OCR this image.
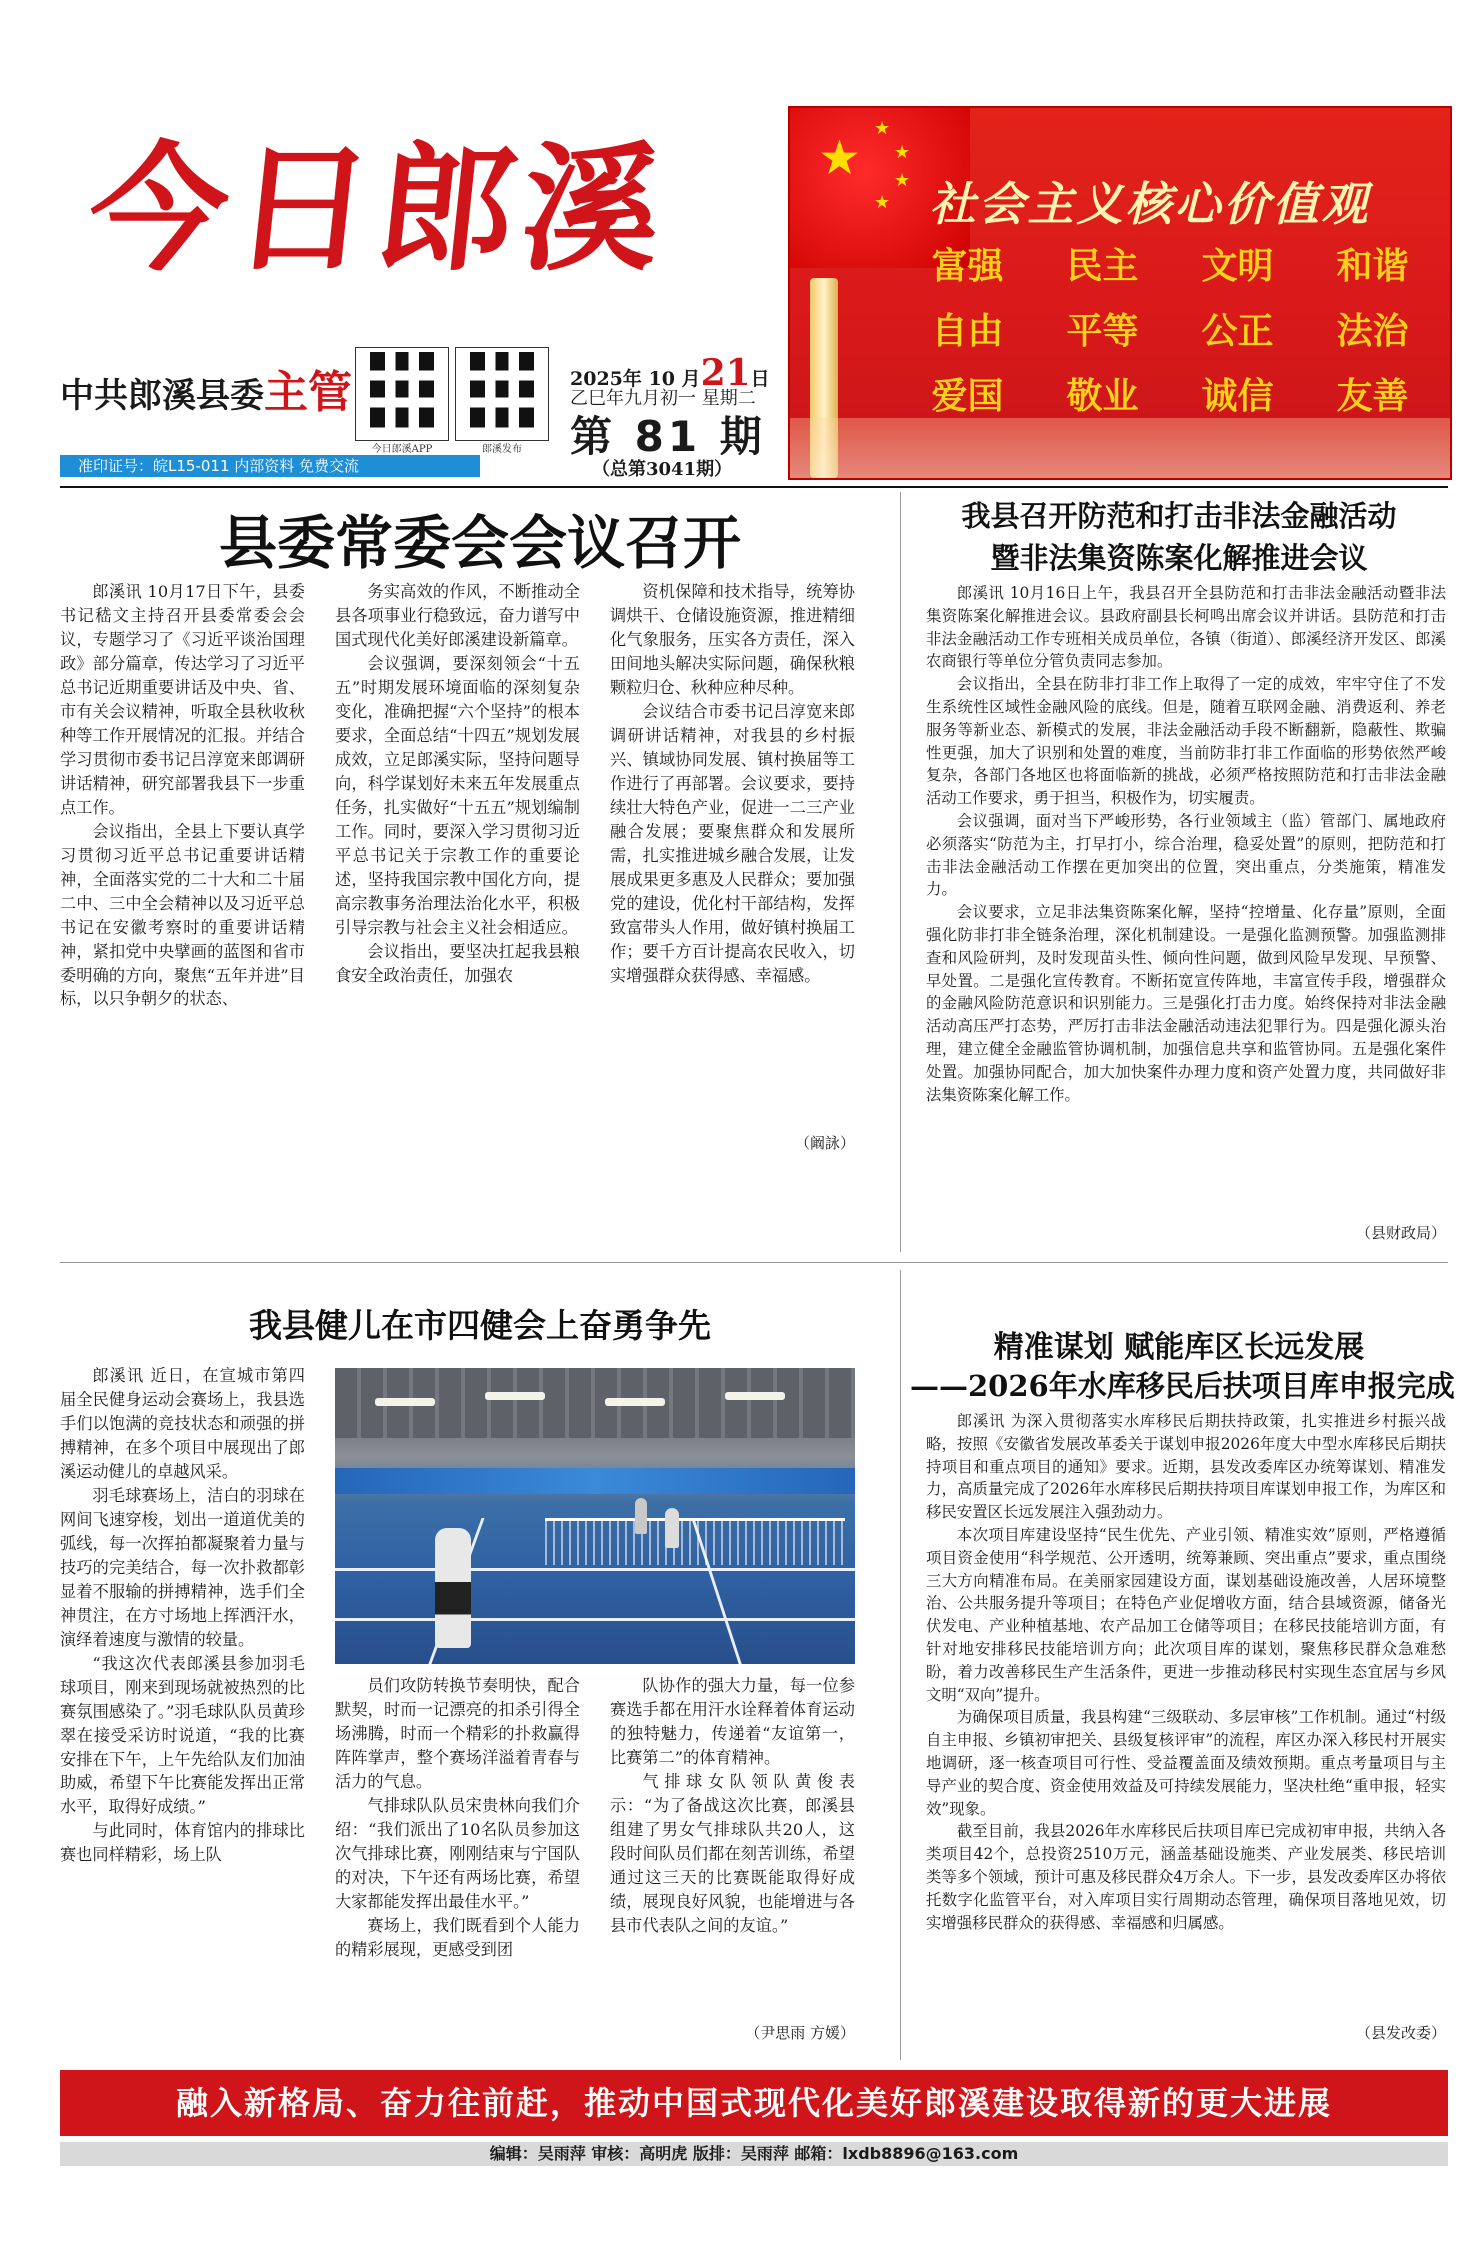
今日郎溪
中共郎溪县委主管
今日郎溪APP	郎溪发布
2025年 10 月21日
乙巳年九月初一 星期二
第 81 期
（总第3041期）
准印证号：皖L15-011 内部资料 免费交流
★
★
★
★
★ 社会主义核心价值观
富强	民主	文明	和谐
自由	平等	公正	法治
爱国	敬业	诚信	友善
县委常委会会议召开

郎溪讯 10月17日下午，县委书记嵇文主持召开县委常委会会议，专题学习了《习近平谈治国理政》部分篇章，传达学习了习近平总书记近期重要讲话及中央、省、市有关会议精神，听取全县秋收秋种等工作开展情况的汇报。并结合学习贯彻市委书记吕淳宽来郎调研讲话精神，研究部署我县下一步重点工作。

会议指出，全县上下要认真学习贯彻习近平总书记重要讲话精神，全面落实党的二十大和二十届二中、三中全会精神以及习近平总书记在安徽考察时的重要讲话精神，紧扣党中央擘画的蓝图和省市委明确的方向，聚焦“五年并进”目标，以只争朝夕的状态、

务实高效的作风，不断推动全县各项事业行稳致远，奋力谱写中国式现代化美好郎溪建设新篇章。

会议强调，要深刻领会“十五五”时期发展环境面临的深刻复杂变化，准确把握“六个坚持”的根本要求，全面总结“十四五”规划发展成效，立足郎溪实际，坚持问题导向，科学谋划好未来五年发展重点任务，扎实做好“十五五”规划编制工作。同时，要深入学习贯彻习近平总书记关于宗教工作的重要论述，坚持我国宗教中国化方向，提高宗教事务治理法治化水平，积极引导宗教与社会主义社会相适应。

会议指出，要坚决扛起我县粮食安全政治责任，加强农

资机保障和技术指导，统筹协调烘干、仓储设施资源，推进精细化气象服务，压实各方责任，深入田间地头解决实际问题，确保秋粮颗粒归仓、秋种应种尽种。

会议结合市委书记吕淳宽来郎调研讲话精神，对我县的乡村振兴、镇域协同发展、镇村换届等工作进行了再部署。会议要求，要持续壮大特色产业，促进一二三产业融合发展；要聚焦群众和发展所需，扎实推进城乡融合发展，让发展成果更多惠及人民群众；要加强党的建设，优化村干部结构，发挥致富带头人作用，做好镇村换届工作；要千方百计提高农民收入，切实增强群众获得感、幸福感。

（阚詠）
我县召开防范和打击非法金融活动
暨非法集资陈案化解推进会议

郎溪讯 10月16日上午，我县召开全县防范和打击非法金融活动暨非法集资陈案化解推进会议。县政府副县长柯鸣出席会议并讲话。县防范和打击非法金融活动工作专班相关成员单位，各镇（街道）、郎溪经济开发区、郎溪农商银行等单位分管负责同志参加。

会议指出，全县在防非打非工作上取得了一定的成效，牢牢守住了不发生系统性区域性金融风险的底线。但是，随着互联网金融、消费返利、养老服务等新业态、新模式的发展，非法金融活动手段不断翻新，隐蔽性、欺骗性更强，加大了识别和处置的难度，当前防非打非工作面临的形势依然严峻复杂，各部门各地区也将面临新的挑战，必须严格按照防范和打击非法金融活动工作要求，勇于担当，积极作为，切实履责。

会议强调，面对当下严峻形势，各行业领域主（监）管部门、属地政府必须落实“防范为主，打早打小，综合治理，稳妥处置”的原则，把防范和打击非法金融活动工作摆在更加突出的位置，突出重点，分类施策，精准发力。

会议要求，立足非法集资陈案化解，坚持“控增量、化存量”原则，全面强化防非打非全链条治理，深化机制建设。一是强化监测预警。加强监测排查和风险研判，及时发现苗头性、倾向性问题，做到风险早发现、早预警、早处置。二是强化宣传教育。不断拓宽宣传阵地，丰富宣传手段，增强群众的金融风险防范意识和识别能力。三是强化打击力度。始终保持对非法金融活动高压严打态势，严厉打击非法金融活动违法犯罪行为。四是强化源头治理，建立健全金融监管协调机制，加强信息共享和监管协同。五是强化案件处置。加强协同配合，加大加快案件办理力度和资产处置力度，共同做好非法集资陈案化解工作。

（县财政局）
我县健儿在市四健会上奋勇争先

郎溪讯 近日，在宣城市第四届全民健身运动会赛场上，我县选手们以饱满的竞技状态和顽强的拼搏精神，在多个项目中展现出了郎溪运动健儿的卓越风采。

羽毛球赛场上，洁白的羽球在网间飞速穿梭，划出一道道优美的弧线，每一次挥拍都凝聚着力量与技巧的完美结合，每一次扑救都彰显着不服输的拼搏精神，选手们全神贯注，在方寸场地上挥洒汗水，演绎着速度与激情的较量。

“我这次代表郎溪县参加羽毛球项目，刚来到现场就被热烈的比赛氛围感染了。”羽毛球队队员黄珍翠在接受采访时说道，“我的比赛安排在下午，上午先给队友们加油助威，希望下午比赛能发挥出正常水平，取得好成绩。”

与此同时，体育馆内的排球比赛也同样精彩，场上队

员们攻防转换节奏明快，配合默契，时而一记漂亮的扣杀引得全场沸腾，时而一个精彩的扑救赢得阵阵掌声，整个赛场洋溢着青春与活力的气息。

气排球队队员宋贵林向我们介绍：“我们派出了10名队员参加这次气排球比赛，刚刚结束与宁国队的对决，下午还有两场比赛，希望大家都能发挥出最佳水平。”

赛场上，我们既看到个人能力的精彩展现，更感受到团

队协作的强大力量，每一位参赛选手都在用汗水诠释着体育运动的独特魅力，传递着“友谊第一，比赛第二”的体育精神。

气排球女队领队黄俊表示：“为了备战这次比赛，郎溪县组建了男女气排球队共20人，这段时间队员们都在刻苦训练，希望通过这三天的比赛既能取得好成绩，展现良好风貌，也能增进与各县市代表队之间的友谊。”

（尹思雨 方媛）
精准谋划 赋能库区长远发展
——2026年水库移民后扶项目库申报完成

郎溪讯 为深入贯彻落实水库移民后期扶持政策，扎实推进乡村振兴战略，按照《安徽省发展改革委关于谋划申报2026年度大中型水库移民后期扶持项目和重点项目的通知》要求。近期，县发改委库区办统筹谋划、精准发力，高质量完成了2026年水库移民后期扶持项目库谋划申报工作，为库区和移民安置区长远发展注入强劲动力。

本次项目库建设坚持“民生优先、产业引领、精准实效”原则，严格遵循项目资金使用“科学规范、公开透明，统筹兼顾、突出重点”要求，重点围绕三大方向精准布局。在美丽家园建设方面，谋划基础设施改善，人居环境整治、公共服务提升等项目；在特色产业促增收方面，结合县域资源，储备光伏发电、产业种植基地、农产品加工仓储等项目；在移民技能培训方面，有针对地安排移民技能培训方向；此次项目库的谋划，聚焦移民群众急难愁盼，着力改善移民生产生活条件，更进一步推动移民村实现生态宜居与乡风文明“双向”提升。

为确保项目质量，我县构建“三级联动、多层审核”工作机制。通过“村级自主申报、乡镇初审把关、县级复核评审”的流程，库区办深入移民村开展实地调研，逐一核查项目可行性、受益覆盖面及绩效预期。重点考量项目与主导产业的契合度、资金使用效益及可持续发展能力，坚决杜绝“重申报，轻实效”现象。

截至目前，我县2026年水库移民后扶项目库已完成初审申报，共纳入各类项目42个，总投资2510万元，涵盖基础设施类、产业发展类、移民培训类等多个领域，预计可惠及移民群众4万余人。下一步，县发改委库区办将依托数字化监管平台，对入库项目实行周期动态管理，确保项目落地见效，切实增强移民群众的获得感、幸福感和归属感。

（县发改委）
融入新格局、奋力往前赶，推动中国式现代化美好郎溪建设取得新的更大进展
编辑：吴雨萍 审核：高明虎 版排：吴雨萍 邮箱：lxdb8896@163.com
